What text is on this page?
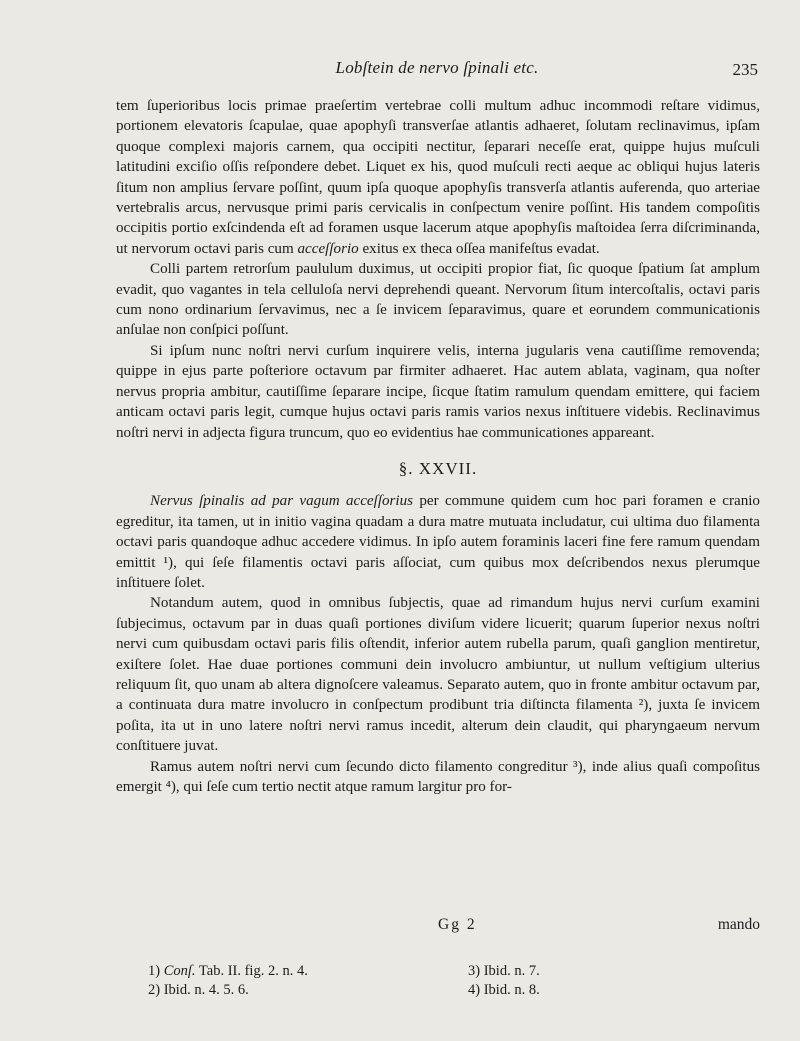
Lobſtein de nervo ſpinali etc.	235

tem ſuperioribus locis primae praeſertim vertebrae colli multum adhuc incommodi reſtare vidimus, portionem elevatoris ſcapulae, quae apophyſi transverſae atlantis adhaeret, ſolutam reclinavimus, ipſam quoque complexi majoris carnem, qua occipiti nectitur, ſeparari neceſſe erat, quippe hujus muſculi latitudini exciſio oſſis reſpondere debet. Liquet ex his, quod muſculi recti aeque ac obliqui hujus lateris ſitum non amplius ſervare poſſint, quum ipſa quoque apophyſis transverſa atlantis auferenda, quo arteriae vertebralis arcus, nervusque primi paris cervicalis in conſpectum venire poſſint. His tandem compoſitis occipitis portio exſcindenda eſt ad foramen usque lacerum atque apophyſis maſtoidea ſerra diſcriminanda, ut nervorum octavi paris cum acceſſorio exitus ex theca oſſea manifeſtus evadat.

Colli partem retrorſum paululum duximus, ut occipiti propior fiat, ſic quoque ſpatium ſat amplum evadit, quo vagantes in tela celluloſa nervi deprehendi queant. Nervorum ſitum intercoſtalis, octavi paris cum nono ordinarium ſervavimus, nec a ſe invicem ſeparavimus, quare et eorundem communicationis anſulae non conſpici poſſunt.

Si ipſum nunc noſtri nervi curſum inquirere velis, interna jugularis vena cautiſſime removenda; quippe in ejus parte poſteriore octavum par firmiter adhaeret. Hac autem ablata, vaginam, qua noſter nervus propria ambitur, cautiſſime ſeparare incipe, ſicque ſtatim ramulum quendam emittere, qui faciem anticam octavi paris legit, cumque hujus octavi paris ramis varios nexus inſtituere videbis. Reclinavimus noſtri nervi in adjecta figura truncum, quo eo evidentius hae communicationes appareant.

§. XXVII.

Nervus ſpinalis ad par vagum acceſſorius per commune quidem cum hoc pari foramen e cranio egreditur, ita tamen, ut in initio vagina quadam a dura matre mutuata includatur, cui ultima duo filamenta octavi paris quandoque adhuc accedere vidimus. In ipſo autem foraminis laceri fine fere ramum quendam emittit ¹), qui ſeſe filamentis octavi paris aſſociat, cum quibus mox deſcribendos nexus plerumque inſtituere ſolet.

Notandum autem, quod in omnibus ſubjectis, quae ad rimandum hujus nervi curſum examini ſubjecimus, octavum par in duas quaſi portiones diviſum videre licuerit; quarum ſuperior nexus noſtri nervi cum quibusdam octavi paris filis oſtendit, inferior autem rubella parum, quaſi ganglion mentiretur, exiſtere ſolet. Hae duae portiones communi dein involucro ambiuntur, ut nullum veſtigium ulterius reliquum ſit, quo unam ab altera dignoſcere valeamus. Separato autem, quo in fronte ambitur octavum par, a continuata dura matre involucro in conſpectum prodibunt tria diſtincta filamenta ²), juxta ſe invicem poſita, ita ut in uno latere noſtri nervi ramus incedit, alterum dein claudit, qui pharyngaeum nervum conſtituere juvat.

Ramus autem noſtri nervi cum ſecundo dicto filamento congreditur ³), inde alius quaſi compoſitus emergit ⁴), qui ſeſe cum tertio nectit atque ramum largitur pro for-

Gg 2	mando
1) Conſ. Tab. II. fig. 2. n. 4.
2) Ibid. n. 4. 5. 6.
3) Ibid. n. 7.
4) Ibid. n. 8.
